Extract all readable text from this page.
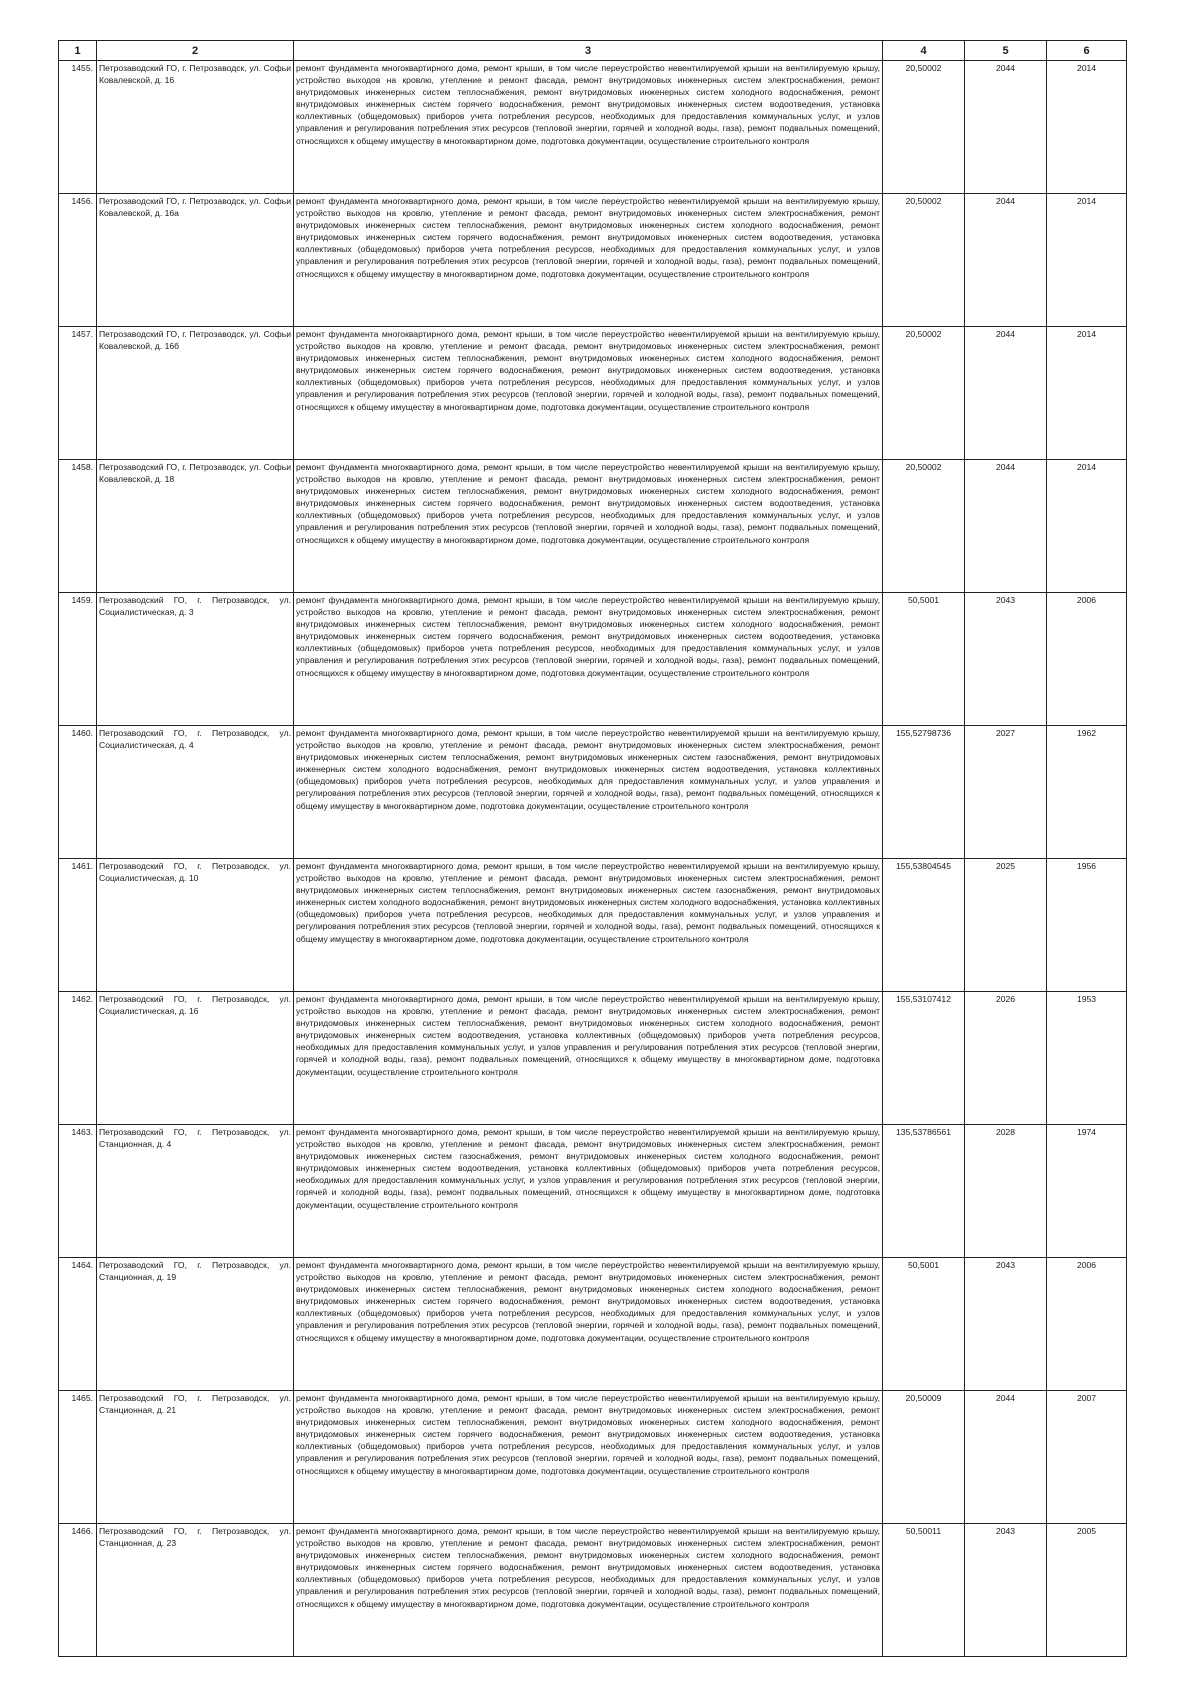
1	2	3	4	5	6
1455.	Петрозаводский ГО, г. Петрозаводск, ул. Софьи Ковалевской, д. 16	ремонт фундамента многоквартирного дома, ремонт крыши, в том числе переустройство невентилируемой крыши на вентилируемую крышу, устройство выходов на кровлю, утепление и ремонт фасада, ремонт внутридомовых инженерных систем электроснабжения, ремонт внутридомовых инженерных систем теплоснабжения, ремонт внутридомовых инженерных систем холодного водоснабжения, ремонт внутридомовых инженерных систем горячего водоснабжения, ремонт внутридомовых инженерных систем водоотведения, установка коллективных (общедомовых) приборов учета потребления ресурсов, необходимых для предоставления коммунальных услуг, и узлов управления и регулирования потребления этих ресурсов (тепловой энергии, горячей и холодной воды, газа), ремонт подвальных помещений, относящихся к общему имуществу в многоквартирном доме, подготовка документации, осуществление строительного контроля	20,50002	2044	2014
1456.	Петрозаводский ГО, г. Петрозаводск, ул. Софьи Ковалевской, д. 16а	ремонт фундамента многоквартирного дома, ремонт крыши, в том числе переустройство невентилируемой крыши на вентилируемую крышу, устройство выходов на кровлю, утепление и ремонт фасада, ремонт внутридомовых инженерных систем электроснабжения, ремонт внутридомовых инженерных систем теплоснабжения, ремонт внутридомовых инженерных систем холодного водоснабжения, ремонт внутридомовых инженерных систем горячего водоснабжения, ремонт внутридомовых инженерных систем водоотведения, установка коллективных (общедомовых) приборов учета потребления ресурсов, необходимых для предоставления коммунальных услуг, и узлов управления и регулирования потребления этих ресурсов (тепловой энергии, горячей и холодной воды, газа), ремонт подвальных помещений, относящихся к общему имуществу в многоквартирном доме, подготовка документации, осуществление строительного контроля	20,50002	2044	2014
1457.	Петрозаводский ГО, г. Петрозаводск, ул. Софьи Ковалевской, д. 16б	ремонт фундамента многоквартирного дома, ремонт крыши, в том числе переустройство невентилируемой крыши на вентилируемую крышу, устройство выходов на кровлю, утепление и ремонт фасада, ремонт внутридомовых инженерных систем электроснабжения, ремонт внутридомовых инженерных систем теплоснабжения, ремонт внутридомовых инженерных систем холодного водоснабжения, ремонт внутридомовых инженерных систем горячего водоснабжения, ремонт внутридомовых инженерных систем водоотведения, установка коллективных (общедомовых) приборов учета потребления ресурсов, необходимых для предоставления коммунальных услуг, и узлов управления и регулирования потребления этих ресурсов (тепловой энергии, горячей и холодной воды, газа), ремонт подвальных помещений, относящихся к общему имуществу в многоквартирном доме, подготовка документации, осуществление строительного контроля	20,50002	2044	2014
1458.	Петрозаводский ГО, г. Петрозаводск, ул. Софьи Ковалевской, д. 18	ремонт фундамента многоквартирного дома, ремонт крыши, в том числе переустройство невентилируемой крыши на вентилируемую крышу, устройство выходов на кровлю, утепление и ремонт фасада, ремонт внутридомовых инженерных систем электроснабжения, ремонт внутридомовых инженерных систем теплоснабжения, ремонт внутридомовых инженерных систем холодного водоснабжения, ремонт внутридомовых инженерных систем горячего водоснабжения, ремонт внутридомовых инженерных систем водоотведения, установка коллективных (общедомовых) приборов учета потребления ресурсов, необходимых для предоставления коммунальных услуг, и узлов управления и регулирования потребления этих ресурсов (тепловой энергии, горячей и холодной воды, газа), ремонт подвальных помещений, относящихся к общему имуществу в многоквартирном доме, подготовка документации, осуществление строительного контроля	20,50002	2044	2014
1459.	Петрозаводский ГО, г. Петрозаводск, ул. Социалистическая, д. 3	ремонт фундамента многоквартирного дома, ремонт крыши, в том числе переустройство невентилируемой крыши на вентилируемую крышу, устройство выходов на кровлю, утепление и ремонт фасада, ремонт внутридомовых инженерных систем электроснабжения, ремонт внутридомовых инженерных систем теплоснабжения, ремонт внутридомовых инженерных систем холодного водоснабжения, ремонт внутридомовых инженерных систем горячего водоснабжения, ремонт внутридомовых инженерных систем водоотведения, установка коллективных (общедомовых) приборов учета потребления ресурсов, необходимых для предоставления коммунальных услуг, и узлов управления и регулирования потребления этих ресурсов (тепловой энергии, горячей и холодной воды, газа), ремонт подвальных помещений, относящихся к общему имуществу в многоквартирном доме, подготовка документации, осуществление строительного контроля	50,5001	2043	2006
1460.	Петрозаводский ГО, г. Петрозаводск, ул. Социалистическая, д. 4	ремонт фундамента многоквартирного дома, ремонт крыши, в том числе переустройство невентилируемой крыши на вентилируемую крышу, устройство выходов на кровлю, утепление и ремонт фасада, ремонт внутридомовых инженерных систем электроснабжения, ремонт внутридомовых инженерных систем теплоснабжения, ремонт внутридомовых инженерных систем газоснабжения, ремонт внутридомовых инженерных систем холодного водоснабжения, ремонт внутридомовых инженерных систем водоотведения, установка коллективных (общедомовых) приборов учета потребления ресурсов, необходимых для предоставления коммунальных услуг, и узлов управления и регулирования потребления этих ресурсов (тепловой энергии, горячей и холодной воды, газа), ремонт подвальных помещений, относящихся к общему имуществу в многоквартирном доме, подготовка документации, осуществление строительного контроля	155,52798736	2027	1962
1461.	Петрозаводский ГО, г. Петрозаводск, ул. Социалистическая, д. 10	ремонт фундамента многоквартирного дома, ремонт крыши, в том числе переустройство невентилируемой крыши на вентилируемую крышу, устройство выходов на кровлю, утепление и ремонт фасада, ремонт внутридомовых инженерных систем электроснабжения, ремонт внутридомовых инженерных систем теплоснабжения, ремонт внутридомовых инженерных систем газоснабжения, ремонт внутридомовых инженерных систем холодного водоснабжения, ремонт внутридомовых инженерных систем холодного водоснабжения, установка коллективных (общедомовых) приборов учета потребления ресурсов, необходимых для предоставления коммунальных услуг, и узлов управления и регулирования потребления этих ресурсов (тепловой энергии, горячей и холодной воды, газа), ремонт подвальных помещений, относящихся к общему имуществу в многоквартирном доме, подготовка документации, осуществление строительного контроля	155,53804545	2025	1956
1462.	Петрозаводский ГО, г. Петрозаводск, ул. Социалистическая, д. 16	ремонт фундамента многоквартирного дома, ремонт крыши, в том числе переустройство невентилируемой крыши на вентилируемую крышу, устройство выходов на кровлю, утепление и ремонт фасада, ремонт внутридомовых инженерных систем электроснабжения, ремонт внутридомовых инженерных систем теплоснабжения, ремонт внутридомовых инженерных систем холодного водоснабжения, ремонт внутридомовых инженерных систем водоотведения, установка коллективных (общедомовых) приборов учета потребления ресурсов, необходимых для предоставления коммунальных услуг, и узлов управления и регулирования потребления этих ресурсов (тепловой энергии, горячей и холодной воды, газа), ремонт подвальных помещений, относящихся к общему имуществу в многоквартирном доме, подготовка документации, осуществление строительного контроля	155,53107412	2026	1953
1463.	Петрозаводский ГО, г. Петрозаводск, ул. Станционная, д. 4	ремонт фундамента многоквартирного дома, ремонт крыши, в том числе переустройство невентилируемой крыши на вентилируемую крышу, устройство выходов на кровлю, утепление и ремонт фасада, ремонт внутридомовых инженерных систем электроснабжения, ремонт внутридомовых инженерных систем газоснабжения, ремонт внутридомовых инженерных систем холодного водоснабжения, ремонт внутридомовых инженерных систем водоотведения, установка коллективных (общедомовых) приборов учета потребления ресурсов, необходимых для предоставления коммунальных услуг, и узлов управления и регулирования потребления этих ресурсов (тепловой энергии, горячей и холодной воды, газа), ремонт подвальных помещений, относящихся к общему имуществу в многоквартирном доме, подготовка документации, осуществление строительного контроля	135,53786561	2028	1974
1464.	Петрозаводский ГО, г. Петрозаводск, ул. Станционная, д. 19	ремонт фундамента многоквартирного дома, ремонт крыши, в том числе переустройство невентилируемой крыши на вентилируемую крышу, устройство выходов на кровлю, утепление и ремонт фасада, ремонт внутридомовых инженерных систем электроснабжения, ремонт внутридомовых инженерных систем теплоснабжения, ремонт внутридомовых инженерных систем холодного водоснабжения, ремонт внутридомовых инженерных систем горячего водоснабжения, ремонт внутридомовых инженерных систем водоотведения, установка коллективных (общедомовых) приборов учета потребления ресурсов, необходимых для предоставления коммунальных услуг, и узлов управления и регулирования потребления этих ресурсов (тепловой энергии, горячей и холодной воды, газа), ремонт подвальных помещений, относящихся к общему имуществу в многоквартирном доме, подготовка документации, осуществление строительного контроля	50,5001	2043	2006
1465.	Петрозаводский ГО, г. Петрозаводск, ул. Станционная, д. 21	ремонт фундамента многоквартирного дома, ремонт крыши, в том числе переустройство невентилируемой крыши на вентилируемую крышу, устройство выходов на кровлю, утепление и ремонт фасада, ремонт внутридомовых инженерных систем электроснабжения, ремонт внутридомовых инженерных систем теплоснабжения, ремонт внутридомовых инженерных систем холодного водоснабжения, ремонт внутридомовых инженерных систем горячего водоснабжения, ремонт внутридомовых инженерных систем водоотведения, установка коллективных (общедомовых) приборов учета потребления ресурсов, необходимых для предоставления коммунальных услуг, и узлов управления и регулирования потребления этих ресурсов (тепловой энергии, горячей и холодной воды, газа), ремонт подвальных помещений, относящихся к общему имуществу в многоквартирном доме, подготовка документации, осуществление строительного контроля	20,50009	2044	2007
1466.	Петрозаводский ГО, г. Петрозаводск, ул. Станционная, д. 23	ремонт фундамента многоквартирного дома, ремонт крыши, в том числе переустройство невентилируемой крыши на вентилируемую крышу, устройство выходов на кровлю, утепление и ремонт фасада, ремонт внутридомовых инженерных систем электроснабжения, ремонт внутридомовых инженерных систем теплоснабжения, ремонт внутридомовых инженерных систем холодного водоснабжения, ремонт внутридомовых инженерных систем горячего водоснабжения, ремонт внутридомовых инженерных систем водоотведения, установка коллективных (общедомовых) приборов учета потребления ресурсов, необходимых для предоставления коммунальных услуг, и узлов управления и регулирования потребления этих ресурсов (тепловой энергии, горячей и холодной воды, газа), ремонт подвальных помещений, относящихся к общему имуществу в многоквартирном доме, подготовка документации, осуществление строительного контроля	50,50011	2043	2005
